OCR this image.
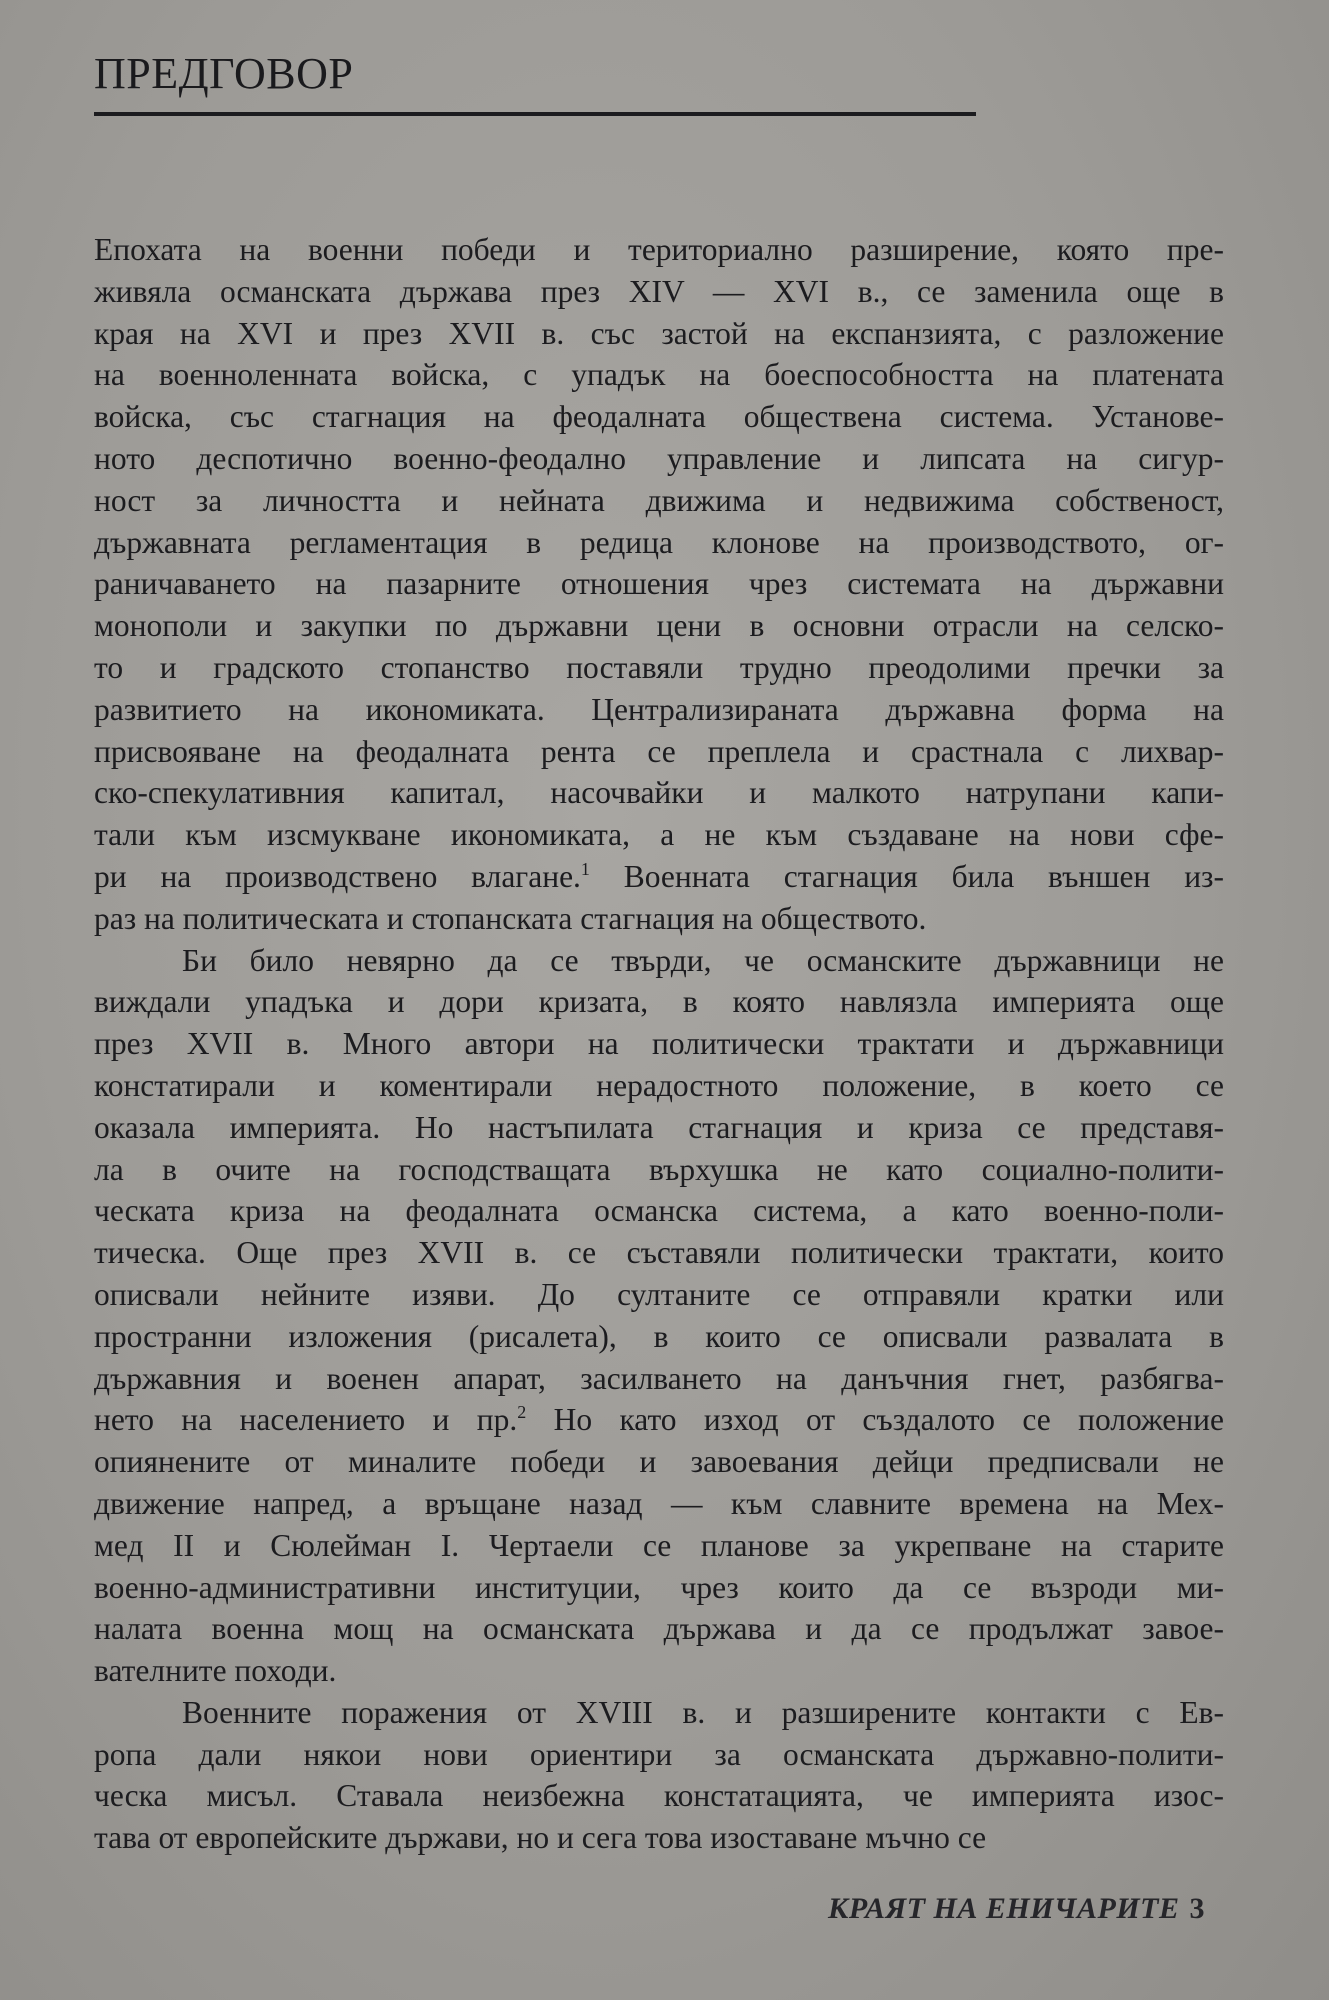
ПРЕДГОВОР
Епохата на военни победи и териториално разширение, която пре-
живяла османската държава през XIV — XVI в., се заменила още в
края на XVI и през XVII в. със застой на експанзията, с разложение
на военноленната войска, с упадък на боеспособността на платената
войска, със стагнация на феодалната обществена система. Установе-
ното деспотично военно-феодално управление и липсата на сигур-
ност за личността и нейната движима и недвижима собственост,
държавната регламентация в редица клонове на производството, ог-
раничаването на пазарните отношения чрез системата на държавни
монополи и закупки по държавни цени в основни отрасли на селско-
то и градското стопанство поставяли трудно преодолими пречки за
развитието на икономиката. Централизираната държавна форма на
присвояване на феодалната рента се преплела и срастнала с лихвар-
ско-спекулативния капитал, насочвайки и малкото натрупани капи-
тали към изсмукване икономиката, а не към създаване на нови сфе-
ри на производствено влагане.$^1$ Военната стагнация била външен из-
раз на политическата и стопанската стагнация на обществото.
Би било невярно да се твърди, че османските държавници не
виждали упадъка и дори кризата, в която навлязла империята още
през XVII в. Много автори на политически трактати и държавници
констатирали и коментирали нерадостното положение, в което се
оказала империята. Но настъпилата стагнация и криза се представя-
ла в очите на господстващата върхушка не като социално-полити-
ческата криза на феодалната османска система, а като военно-поли-
тическа. Още през XVII в. се съставяли политически трактати, които
описвали нейните изяви. До султаните се отправяли кратки или
пространни изложения (рисалета), в които се описвали развалата в
държавния и военен апарат, засилването на данъчния гнет, разбягва-
нето на населението и пр.$^2$ Но като изход от създалото се положение
опиянените от миналите победи и завоевания дейци предписвали не
движение напред, а връщане назад — към славните времена на Мех-
мед II и Сюлейман I. Чертаели се планове за укрепване на старите
военно-административни институции, чрез които да се възроди ми-
налата военна мощ на османската държава и да се продължат завое-
вателните походи.
Военните поражения от XVIII в. и разширените контакти с Ев-
ропа дали някои нови ориентири за османската държавно-полити-
ческа мисъл. Ставала неизбежна констатацията, че империята изос-
тава от европейските държави, но и сега това изоставане мъчно се
КРАЯТ НА ЕНИЧАРИТЕ 3
